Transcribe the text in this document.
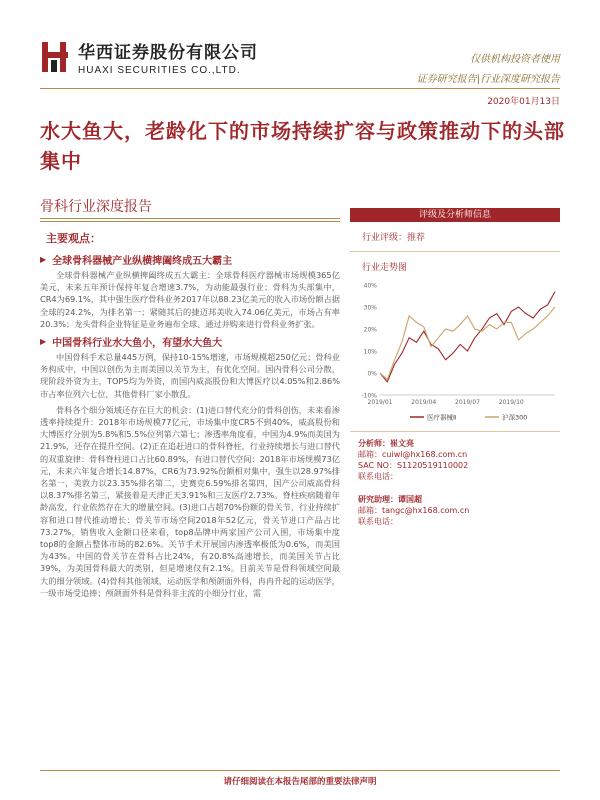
华西证券股份有限公司
HUAXI SECURITIES CO.,LTD.
仅供机构投资者使用
证券研究报告|行业深度研究报告
2020年01月13日
水大鱼大，老龄化下的市场持续扩容与政策推动下的头部集中
骨科行业深度报告
主要观点：
▶ 全球骨科器械产业纵横捭阖终成五大霸主

全球骨科器械产业纵横捭阖终成五大霸主：全球骨科医疗器械市场规模365亿美元，未来五年预计保持年复合增速3.7%，为动能最强行业；骨科为头部集中，CR4为69.1%，其中强生医疗骨科业务2017年以88.23亿美元的收入市场份额占据全球的24.2%，为排名第一；紧随其后的捷迈邦美收入74.06亿美元，市场占有率20.3%；龙头骨科企业特征是业务遍布全球、通过并购来进行骨科业务扩张。

▶ 中国骨科行业水大鱼小，有望水大鱼大

中国骨科手术总量445万例，保持10-15%增速，市场规模超250亿元；骨科业务构成中，中国以创伤为主而美国以关节为主，有优化空间。国内骨科公司分散，现阶段外资为主，TOP5均为外资，而国内威高股份和大博医疗以4.05%和2.86%市占率位列六七位，其他骨科厂家小散乱。

骨科各个细分领域还存在巨大的机会：(1)进口替代充分的骨科创伤，未来看渗透率持续提升：2018年市场规模77亿元，市场集中度CR5不到40%，威高股份和大博医疗分别为5.8%和5.5%位列第六第七；渗透率角度看，中国为4.9%而美国为21.9%，还存在提升空间。(2)正在追赶进口的骨科脊柱，行业持续增长与进口替代的双重旋律：骨科脊柱进口占比60.89%，有进口替代空间：2018年市场规模73亿元，未来六年复合增长14.87%，CR6为73.92%份额相对集中，强生以28.97%排名第一，美敦力以23.35%排名第二，史赛克6.59%排名第四，国产公司威高骨科以8.37%排名第三，紧接着是天津正天3.91%和三友医疗2.73%。脊柱疾病随着年龄高发，行业依然存在大的增量空间。(3)进口占超70%份额的骨关节，行业持续扩容和进口替代推动增长：骨关节市场空间2018年52亿元，骨关节进口产品占比73.27%，销售收入金额口径来看，top8品牌中两家国产公司入围，市场集中度top8的金额占整体市场的82.6%。关节手术开展国内渗透率极低为0.6%，而美国为43%。中国的骨关节在骨科占比24%，有20.8%高速增长，而美国关节占比39%，为美国骨科最大的类别，但是增速仅有2.1%。目前关节是骨科领域空间最大的细分领域。(4)骨科其他领域，运动医学和颅颌面外科，冉冉升起的运动医学，一级市场受追捧；颅颌面外科是骨科非主流的小细分行业，需

评级及分析师信息
行业评级：推荐
行业走势图
-10%
0%
10%
20%
30%
40%
2019/01	2019/04	2019/07	2019/10
医疗器械Ⅱ	沪深300
分析师：崔文亮
邮箱：cuiwl@hx168.com.cn
SAC NO：S1120519110002
联系电话：
研究助理：谭国超
邮箱：tangc@hx168.com.cn
联系电话：
请仔细阅读在本报告尾部的重要法律声明
